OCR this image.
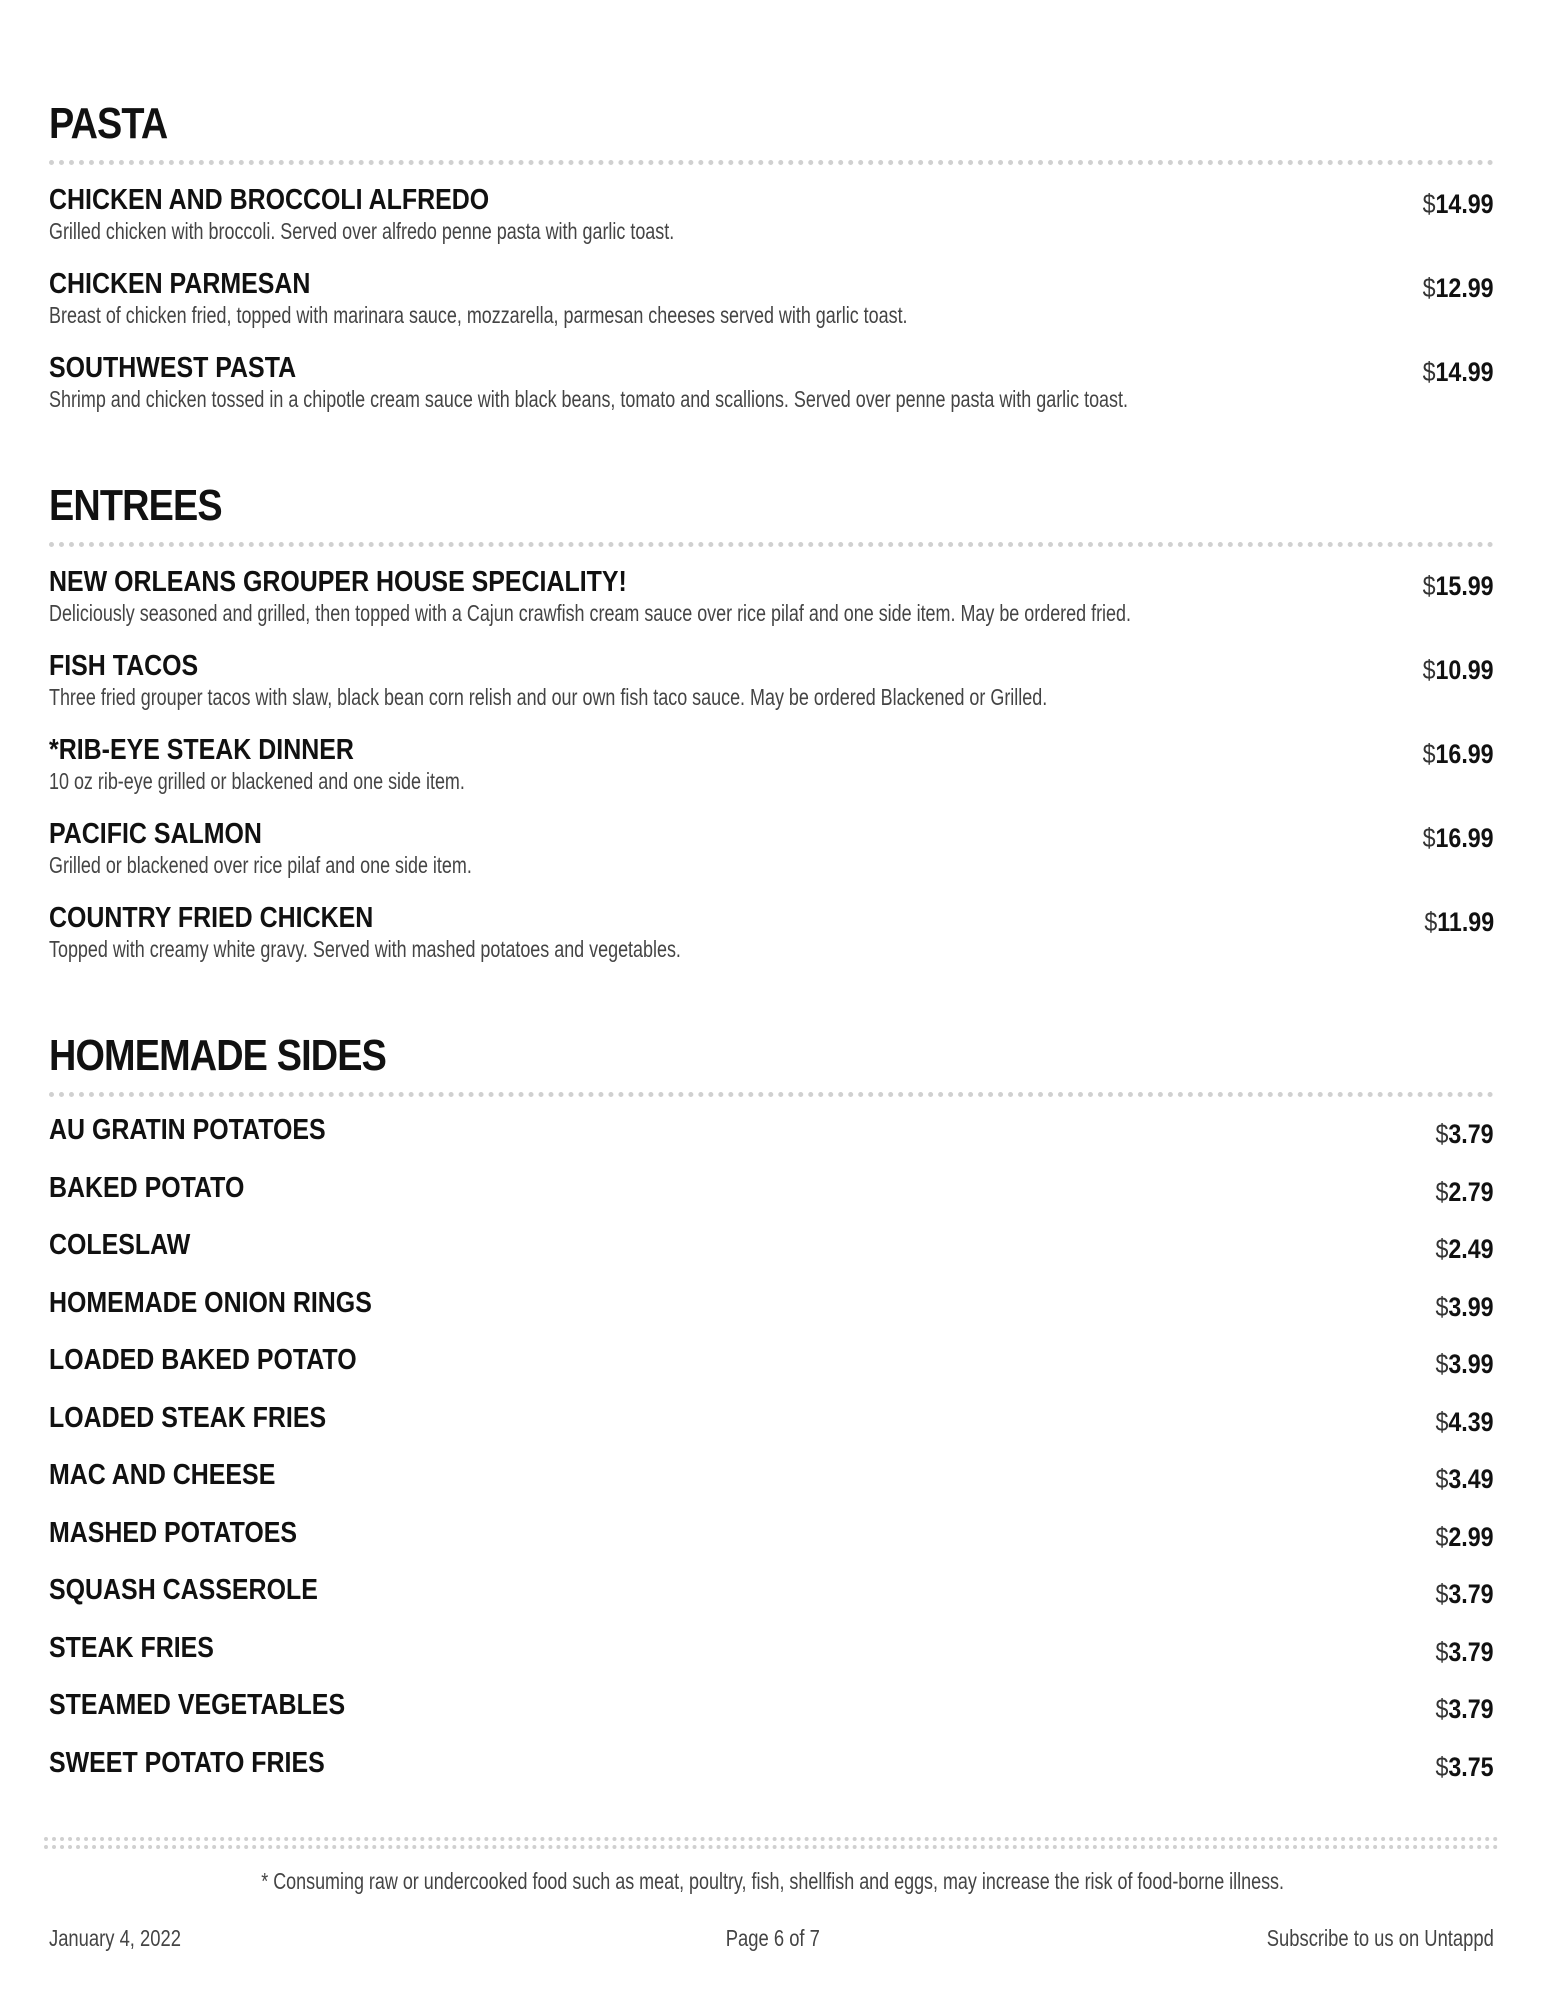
PASTA
CHICKEN AND BROCCOLI ALFREDO
Grilled chicken with broccoli. Served over alfredo penne pasta with garlic toast.
$14.99
CHICKEN PARMESAN
Breast of chicken fried, topped with marinara sauce, mozzarella, parmesan cheeses served with garlic toast.
$12.99
SOUTHWEST PASTA
Shrimp and chicken tossed in a chipotle cream sauce with black beans, tomato and scallions. Served over penne pasta with garlic toast.
$14.99
ENTREES
NEW ORLEANS GROUPER HOUSE SPECIALITY!
Deliciously seasoned and grilled, then topped with a Cajun crawfish cream sauce over rice pilaf and one side item. May be ordered fried.
$15.99
FISH TACOS
Three fried grouper tacos with slaw, black bean corn relish and our own fish taco sauce. May be ordered Blackened or Grilled.
$10.99
*RIB-EYE STEAK DINNER
10 oz rib-eye grilled or blackened and one side item.
$16.99
PACIFIC SALMON
Grilled or blackened over rice pilaf and one side item.
$16.99
COUNTRY FRIED CHICKEN
Topped with creamy white gravy. Served with mashed potatoes and vegetables.
$11.99
HOMEMADE SIDES
AU GRATIN POTATOES	$3.79
BAKED POTATO	$2.79
COLESLAW	$2.49
HOMEMADE ONION RINGS	$3.99
LOADED BAKED POTATO	$3.99
LOADED STEAK FRIES	$4.39
MAC AND CHEESE	$3.49
MASHED POTATOES	$2.99
SQUASH CASSEROLE	$3.79
STEAK FRIES	$3.79
STEAMED VEGETABLES	$3.79
SWEET POTATO FRIES	$3.75
* Consuming raw or undercooked food such as meat, poultry, fish, shellfish and eggs, may increase the risk of food-borne illness.
January 4, 2022	Page 6 of 7	Subscribe to us on Untappd
